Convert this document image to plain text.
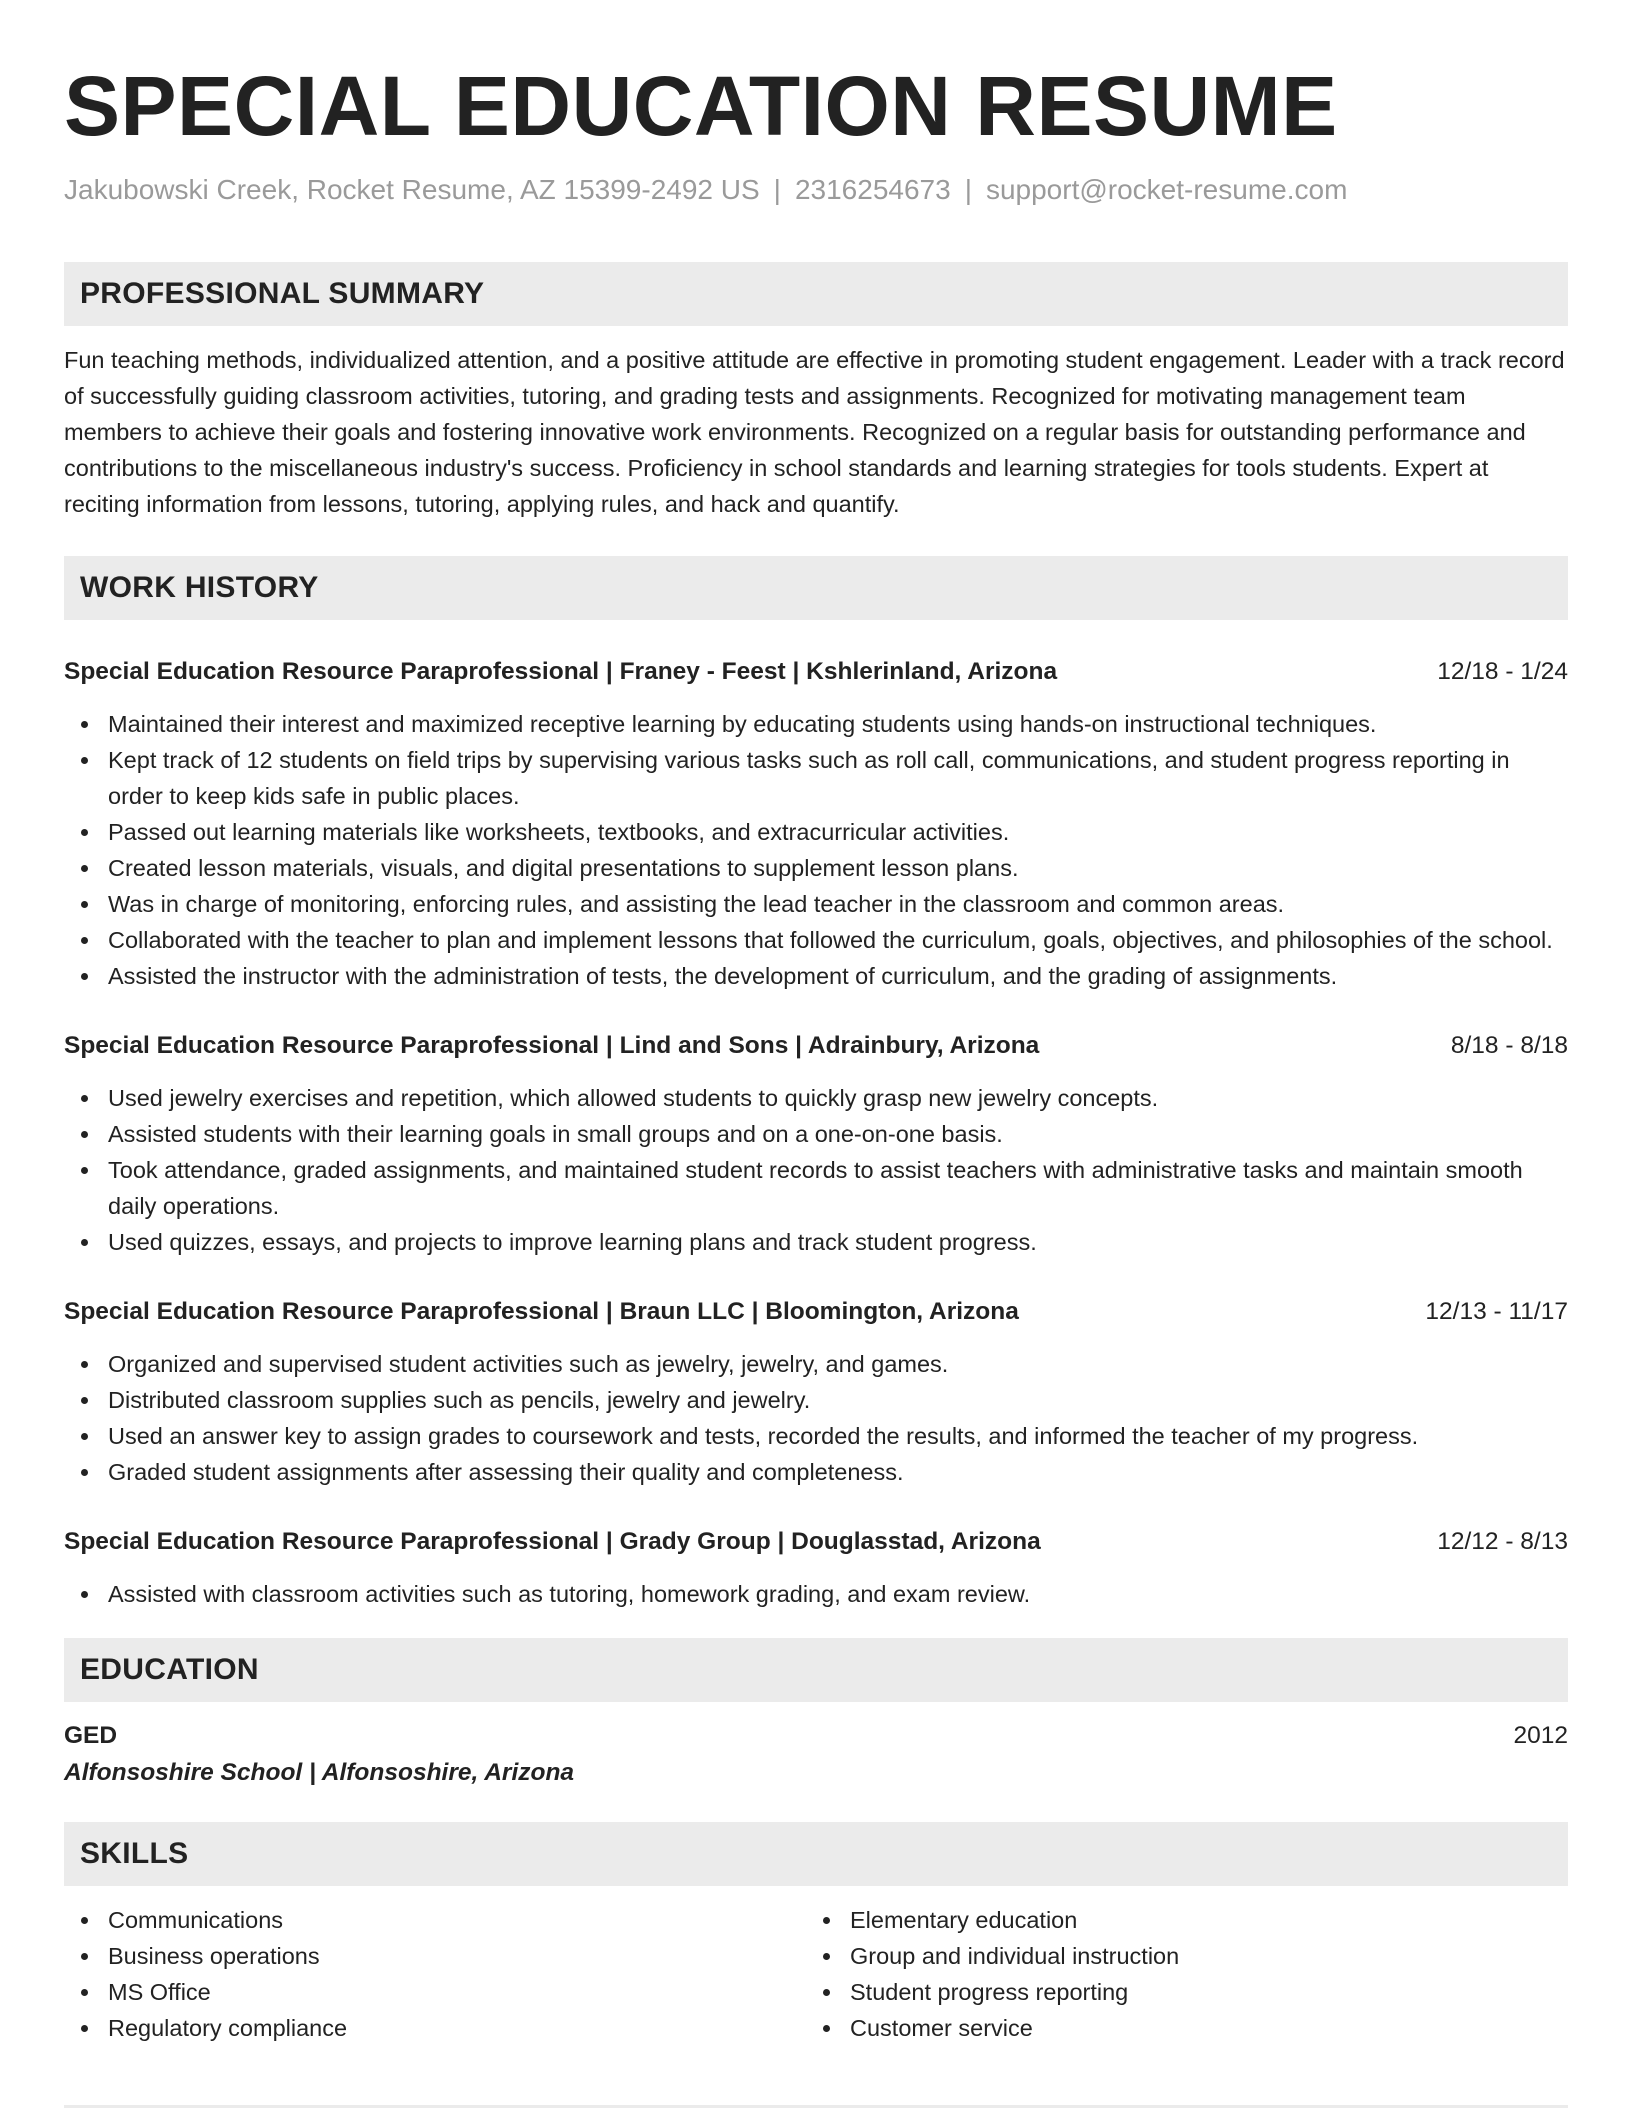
SPECIAL EDUCATION RESUME
Jakubowski Creek, Rocket Resume, AZ 15399-2492 US | 2316254673 | support@rocket-resume.com
PROFESSIONAL SUMMARY
Fun teaching methods, individualized attention, and a positive attitude are effective in promoting student engagement. Leader with a track record of successfully guiding classroom activities, tutoring, and grading tests and assignments. Recognized for motivating management team members to achieve their goals and fostering innovative work environments. Recognized on a regular basis for outstanding performance and contributions to the miscellaneous industry's success. Proficiency in school standards and learning strategies for tools students. Expert at reciting information from lessons, tutoring, applying rules, and hack and quantify.
WORK HISTORY
Special Education Resource Paraprofessional | Franey - Feest | Kshlerinland, Arizona	12/18 - 1/24
Maintained their interest and maximized receptive learning by educating students using hands-on instructional techniques.
Kept track of 12 students on field trips by supervising various tasks such as roll call, communications, and student progress reporting in order to keep kids safe in public places.
Passed out learning materials like worksheets, textbooks, and extracurricular activities.
Created lesson materials, visuals, and digital presentations to supplement lesson plans.
Was in charge of monitoring, enforcing rules, and assisting the lead teacher in the classroom and common areas.
Collaborated with the teacher to plan and implement lessons that followed the curriculum, goals, objectives, and philosophies of the school.
Assisted the instructor with the administration of tests, the development of curriculum, and the grading of assignments.
Special Education Resource Paraprofessional | Lind and Sons | Adrainbury, Arizona	8/18 - 8/18
Used jewelry exercises and repetition, which allowed students to quickly grasp new jewelry concepts.
Assisted students with their learning goals in small groups and on a one-on-one basis.
Took attendance, graded assignments, and maintained student records to assist teachers with administrative tasks and maintain smooth daily operations.
Used quizzes, essays, and projects to improve learning plans and track student progress.
Special Education Resource Paraprofessional | Braun LLC | Bloomington, Arizona	12/13 - 11/17
Organized and supervised student activities such as jewelry, jewelry, and games.
Distributed classroom supplies such as pencils, jewelry and jewelry.
Used an answer key to assign grades to coursework and tests, recorded the results, and informed the teacher of my progress.
Graded student assignments after assessing their quality and completeness.
Special Education Resource Paraprofessional | Grady Group | Douglasstad, Arizona	12/12 - 8/13
Assisted with classroom activities such as tutoring, homework grading, and exam review.
EDUCATION
GED	2012
Alfonsoshire School | Alfonsoshire, Arizona
SKILLS
Communications
Business operations
MS Office
Regulatory compliance
Elementary education
Group and individual instruction
Student progress reporting
Customer service
